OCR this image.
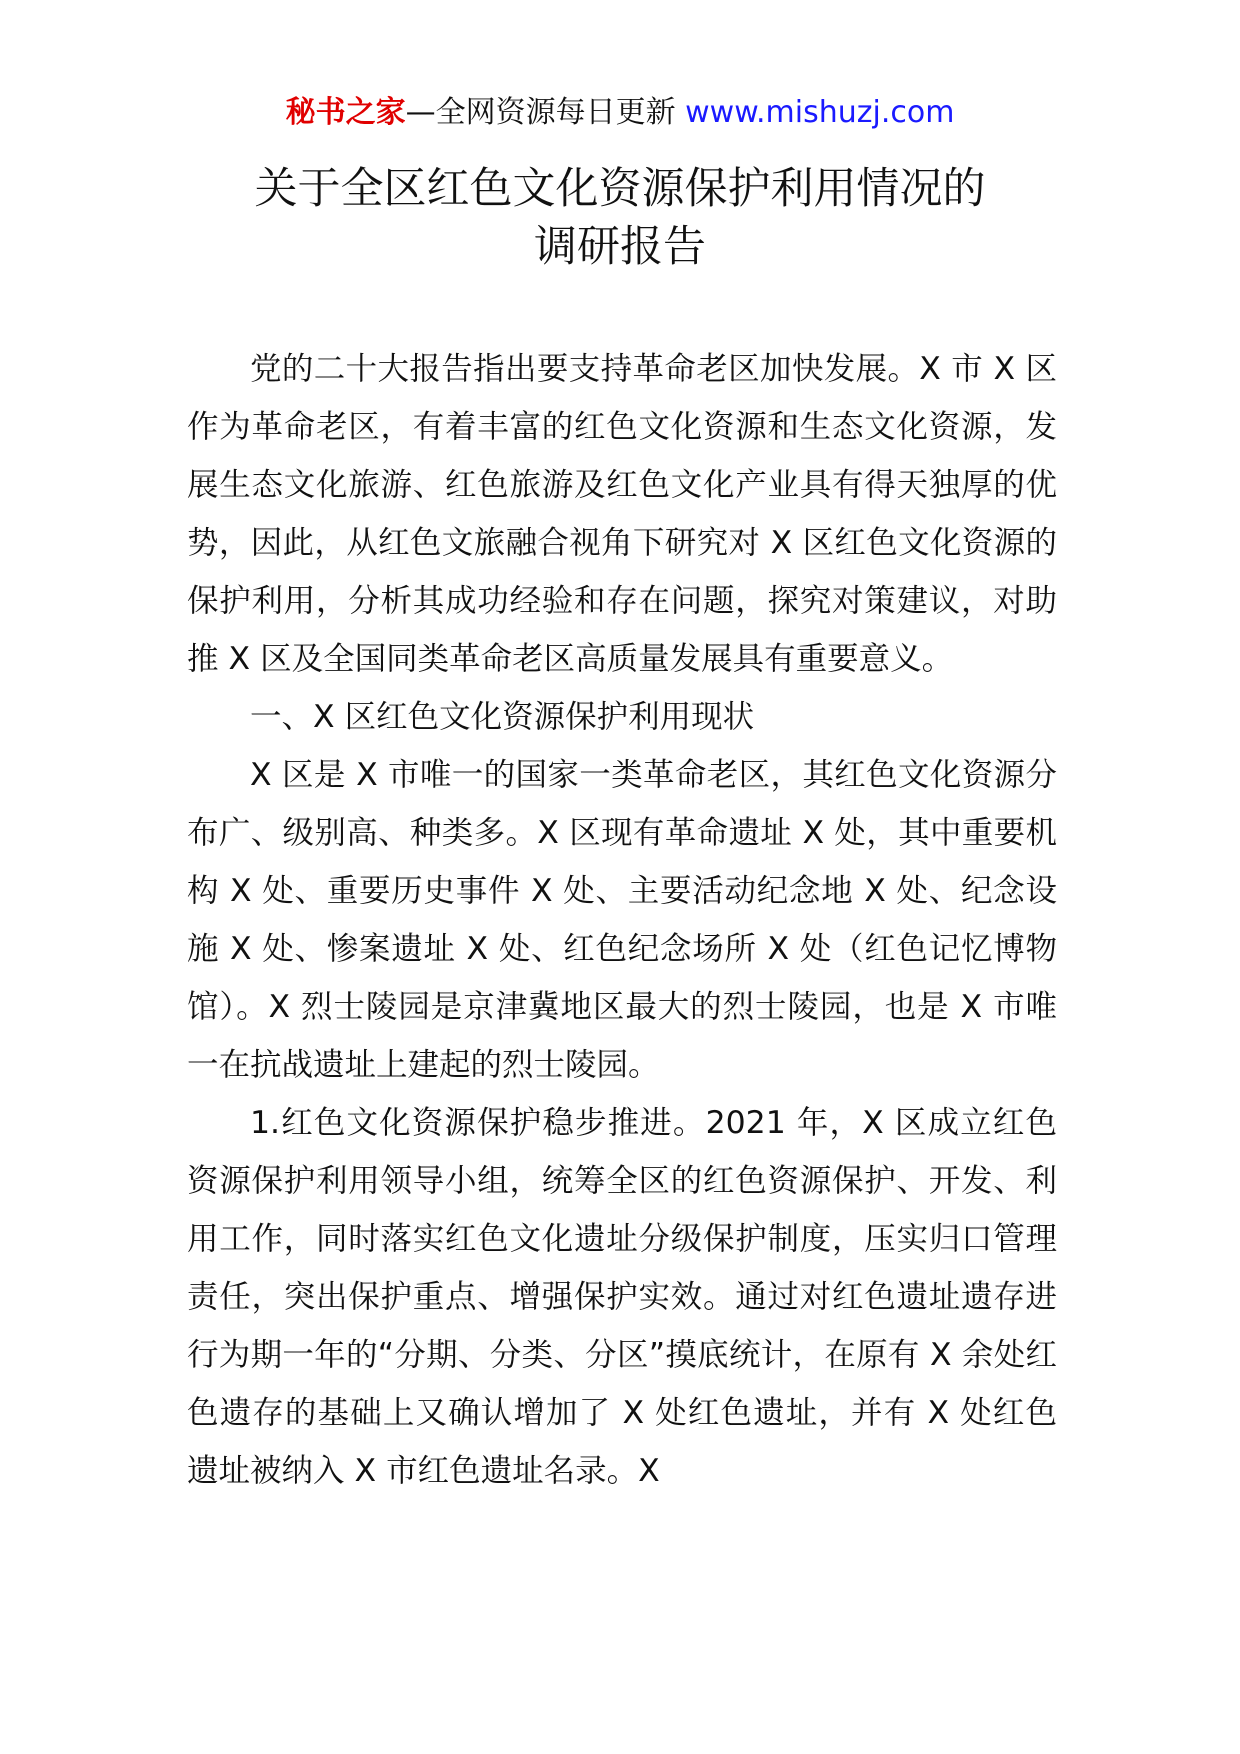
秘书之家—全网资源每日更新 www.mishuzj.com
关于全区红色文化资源保护利用情况的
调研报告

党的二十大报告指出要支持革命老区加快发展。X 市 X 区作为革命老区，有着丰富的红色文化资源和生态文化资源，发展生态文化旅游、红色旅游及红色文化产业具有得天独厚的优势，因此，从红色文旅融合视角下研究对 X 区红色文化资源的保护利用，分析其成功经验和存在问题，探究对策建议，对助推 X 区及全国同类革命老区高质量发展具有重要意义。

一、X 区红色文化资源保护利用现状

X 区是 X 市唯一的国家一类革命老区，其红色文化资源分布广、级别高、种类多。X 区现有革命遗址 X 处，其中重要机构 X 处、重要历史事件 X 处、主要活动纪念地 X 处、纪念设施 X 处、惨案遗址 X 处、红色纪念场所 X 处（红色记忆博物馆）。X 烈士陵园是京津冀地区最大的烈士陵园，也是 X 市唯一在抗战遗址上建起的烈士陵园。

1.红色文化资源保护稳步推进。2021 年，X 区成立红色资源保护利用领导小组，统筹全区的红色资源保护、开发、利用工作，同时落实红色文化遗址分级保护制度，压实归口管理责任，突出保护重点、增强保护实效。通过对红色遗址遗存进行为期一年的“分期、分类、分区”摸底统计，在原有 X 余处红色遗存的基础上又确认增加了 X 处红色遗址，并有 X 处红色遗址被纳入 X 市红色遗址名录。X
